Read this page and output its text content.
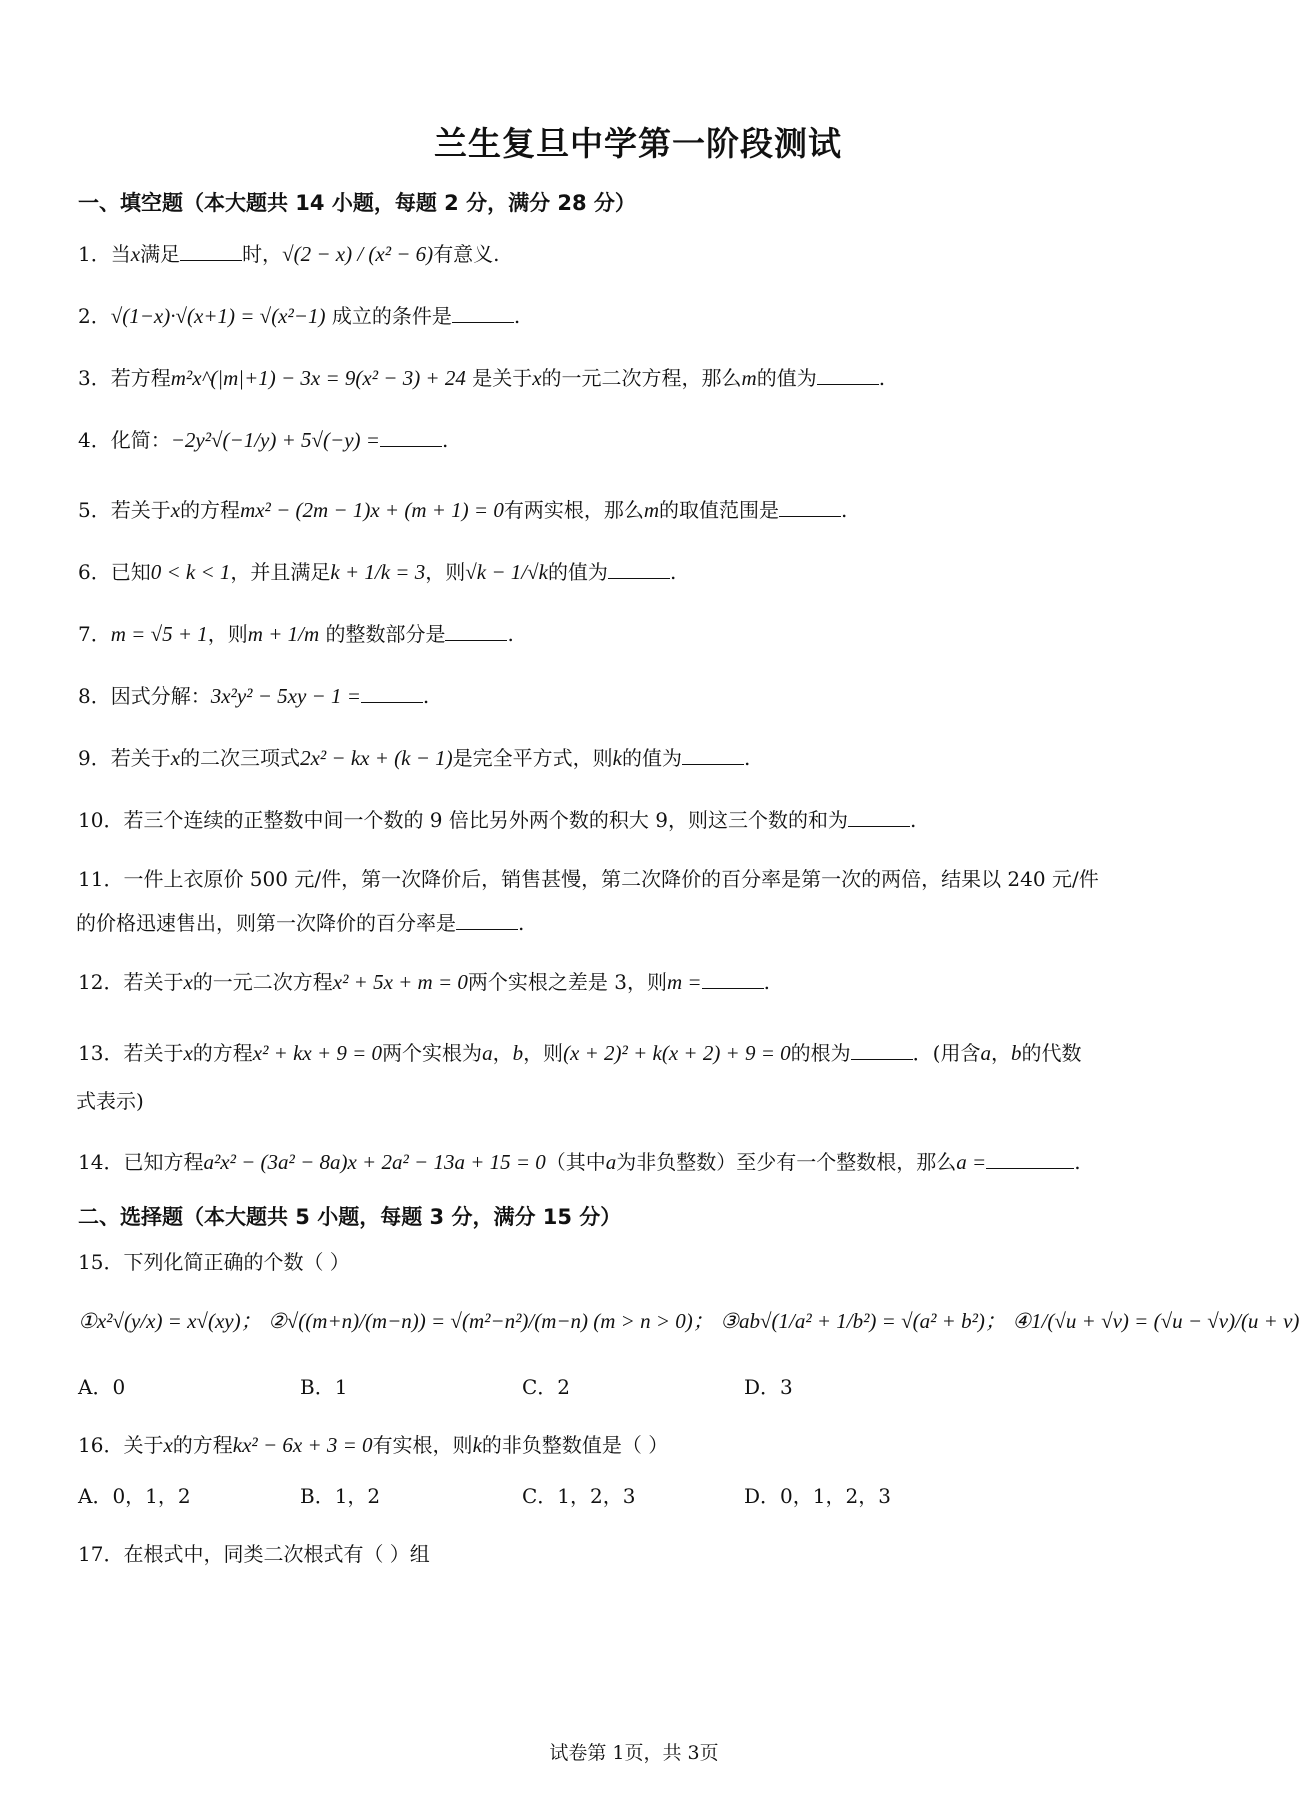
兰生复旦中学第一阶段测试
一、填空题（本大题共 14 小题，每题 2 分，满分 28 分）
1．当x满足	时，√(2 − x) / (x² − 6)有意义.
2．√(1−x)·√(x+1) = √(x²−1) 成立的条件是	.
3．若方程m²x^(|m|+1) − 3x = 9(x² − 3) + 24 是关于x的一元二次方程，那么m的值为	.
4．化简：−2y²√(−1/y) + 5√(−y) =	.
5．若关于x的方程mx² − (2m − 1)x + (m + 1) = 0有两实根，那么m的取值范围是	.
6．已知0 < k < 1，并且满足k + 1/k = 3，则√k − 1/√k的值为	.
7．m = √5 + 1，则m + 1/m 的整数部分是	.
8．因式分解：3x²y² − 5xy − 1 =	.
9．若关于x的二次三项式2x² − kx + (k − 1)是完全平方式，则k的值为	.
10．若三个连续的正整数中间一个数的 9 倍比另外两个数的积大 9，则这三个数的和为	.
11．一件上衣原价 500 元/件，第一次降价后，销售甚慢，第二次降价的百分率是第一次的两倍，结果以 240 元/件
的价格迅速售出，则第一次降价的百分率是	.
12．若关于x的一元二次方程x² + 5x + m = 0两个实根之差是 3，则m =	.
13．若关于x的方程x² + kx + 9 = 0两个实根为a，b，则(x + 2)² + k(x + 2) + 9 = 0的根为	．(用含a，b的代数
式表示)
14．已知方程a²x² − (3a² − 8a)x + 2a² − 13a + 15 = 0（其中a为非负整数）至少有一个整数根，那么a =	.
二、选择题（本大题共 5 小题，每题 3 分，满分 15 分）
15．下列化简正确的个数（ ）
①x²√(y/x) = x√(xy)； ②√((m+n)/(m−n)) = √(m²−n²)/(m−n) (m > n > 0)； ③ab√(1/a² + 1/b²) = √(a² + b²)； ④1/(√u + √v) = (√u − √v)/(u + v)
A．0	B．1	C．2	D．3
16．关于x的方程kx² − 6x + 3 = 0有实根，则k的非负整数值是（ ）
A．0，1，2	B．1，2	C．1，2，3	D．0，1，2，3
17．在根式中，同类二次根式有（ ）组
试卷第 1页，共 3页
